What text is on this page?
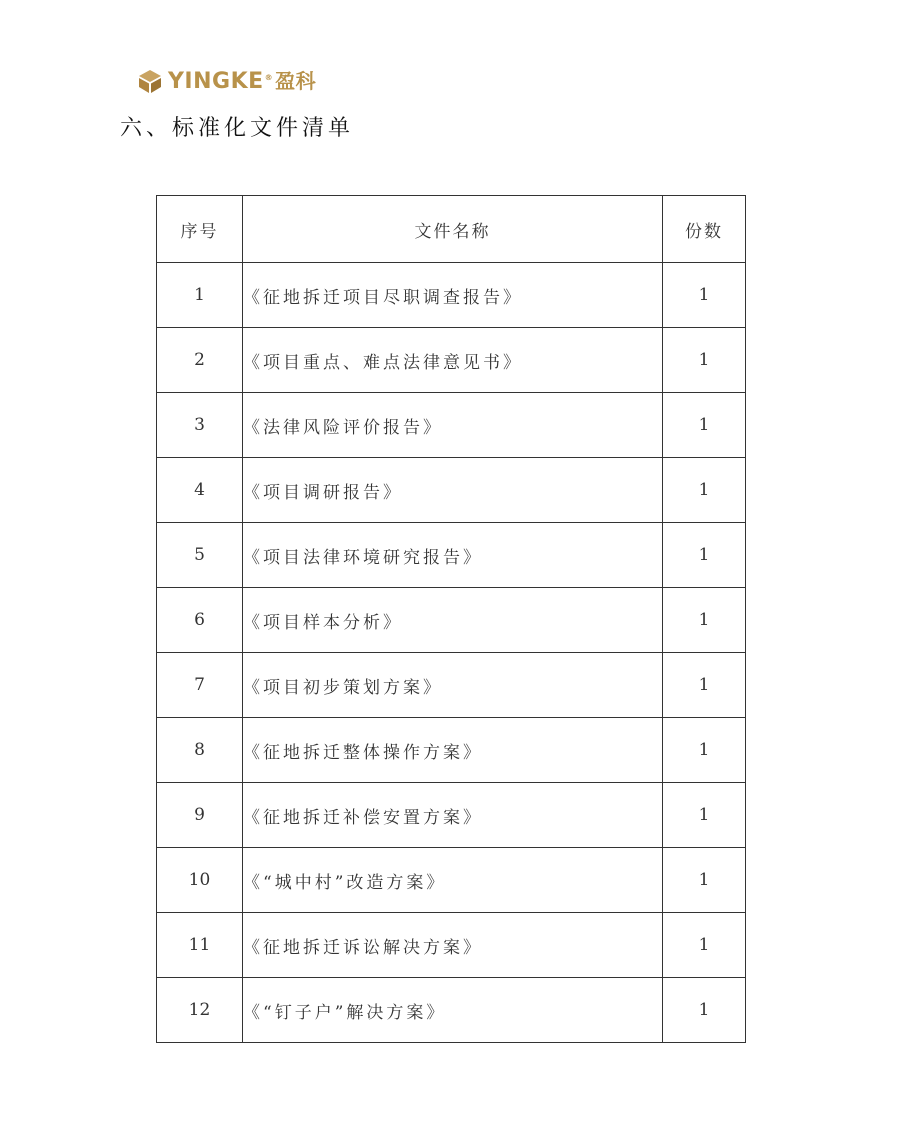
YINGKE® 盈科
六、标准化文件清单
序号	文件名称	份数
1	《征地拆迁项目尽职调查报告》	1
2	《项目重点、难点法律意见书》	1
3	《法律风险评价报告》	1
4	《项目调研报告》	1
5	《项目法律环境研究报告》	1
6	《项目样本分析》	1
7	《项目初步策划方案》	1
8	《征地拆迁整体操作方案》	1
9	《征地拆迁补偿安置方案》	1
10	《“城中村”改造方案》	1
11	《征地拆迁诉讼解决方案》	1
12	《“钉子户”解决方案》	1
